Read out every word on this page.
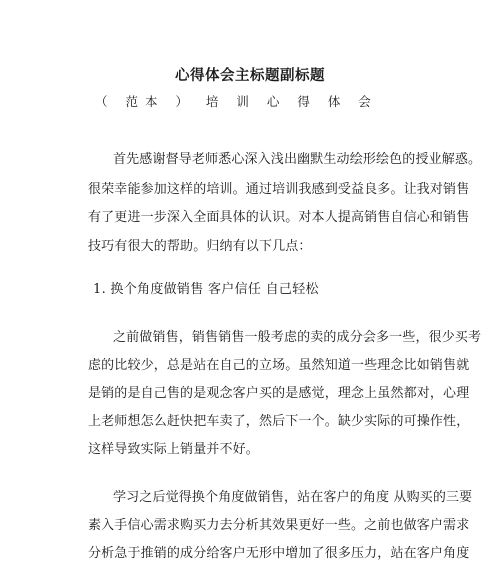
心得体会主标题副标题
（ 范本 ） 培 训 心 得 体 会
首先感谢督导老师悉心深入浅出幽默生动绘形绘色的授业解惑。
很荣幸能参加这样的培训。通过培训我感到受益良多。让我对销售
有了更进一步深入全面具体的认识。对本人提高销售自信心和销售
技巧有很大的帮助。归纳有以下几点：
1. 换个角度做销售 客户信任 自己轻松
之前做销售，销售销售一般考虑的卖的成分会多一些，很少买考
虑的比较少，总是站在自己的立场。虽然知道一些理念比如销售就
是销的是自己售的是观念客户买的是感觉，理念上虽然都对，心理
上老师想怎么赶快把车卖了，然后下一个。缺少实际的可操作性，
这样导致实际上销量并不好。
学习之后觉得换个角度做销售，站在客户的角度 从购买的三要
素入手信心需求购买力去分析其效果更好一些。之前也做客户需求
分析急于推销的成分给客户无形中增加了很多压力，站在客户角度
